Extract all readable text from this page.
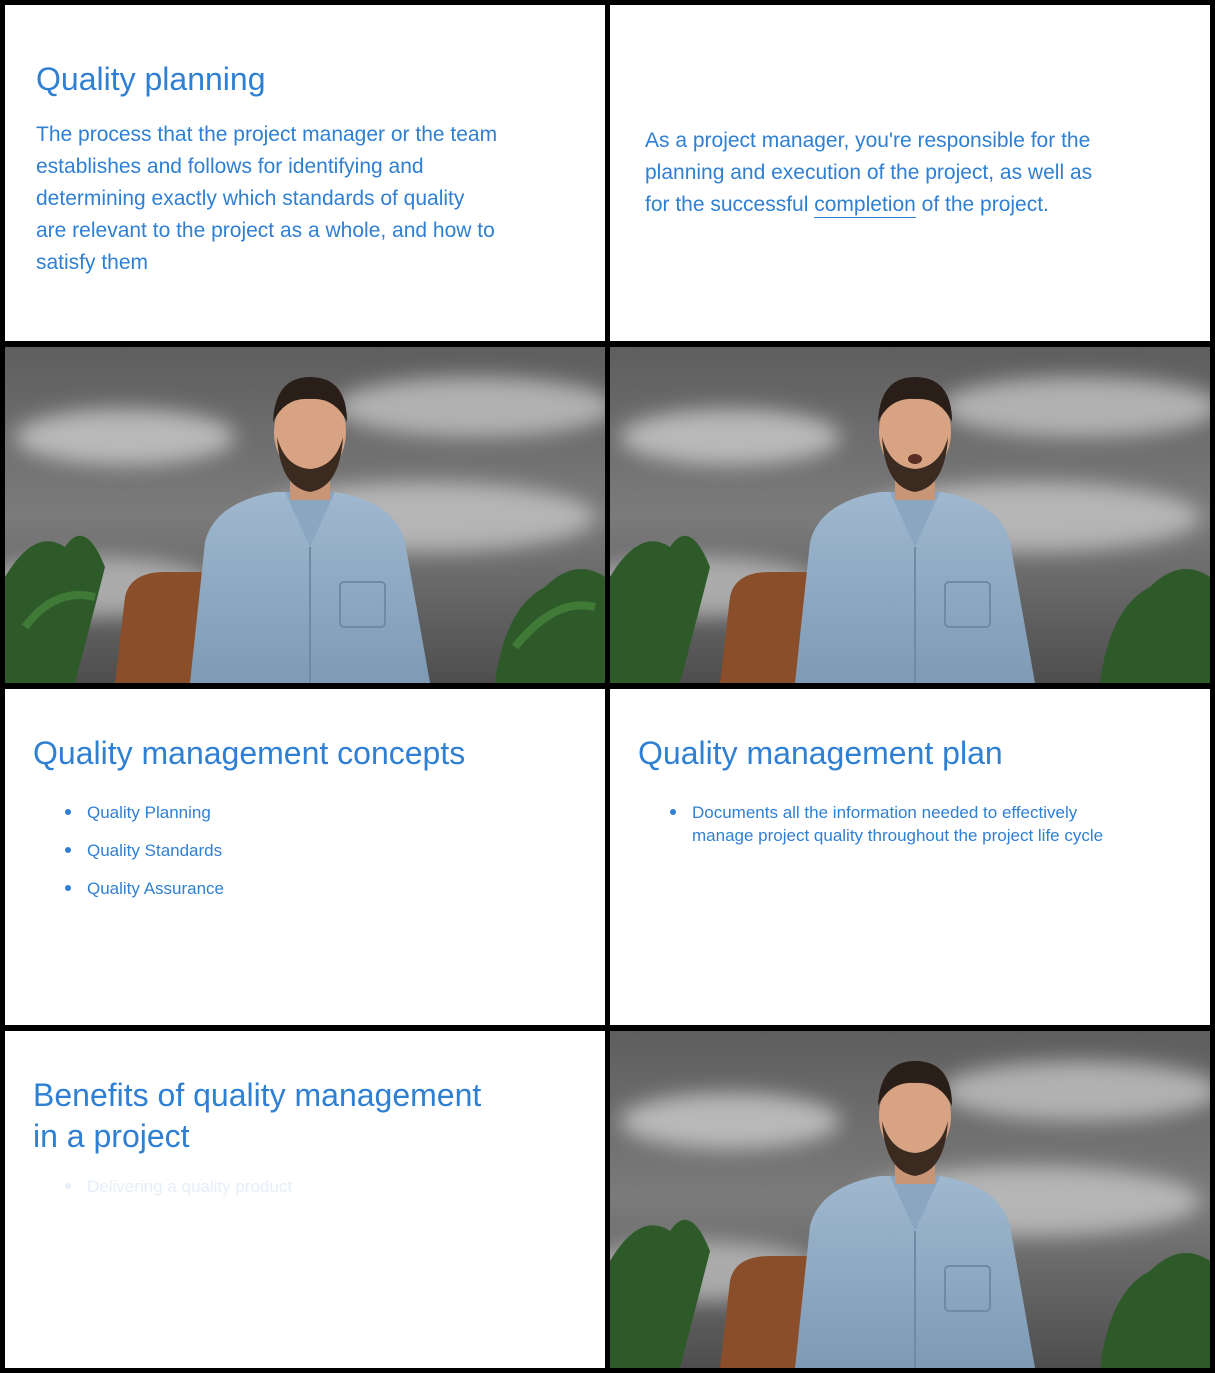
Quality planning
The process that the project manager or the team
establishes and follows for identifying and
determining exactly which standards of quality
are relevant to the project as a whole, and how to
satisfy them
As a project manager, you're responsible for the
planning and execution of the project, as well as
for the successful completion of the project.
Quality management concepts
Quality Planning
Quality Standards
Quality Assurance
Quality management plan
Documents all the information needed to effectively
manage project quality throughout the project life cycle
Benefits of quality management
in a project
Delivering a quality product
